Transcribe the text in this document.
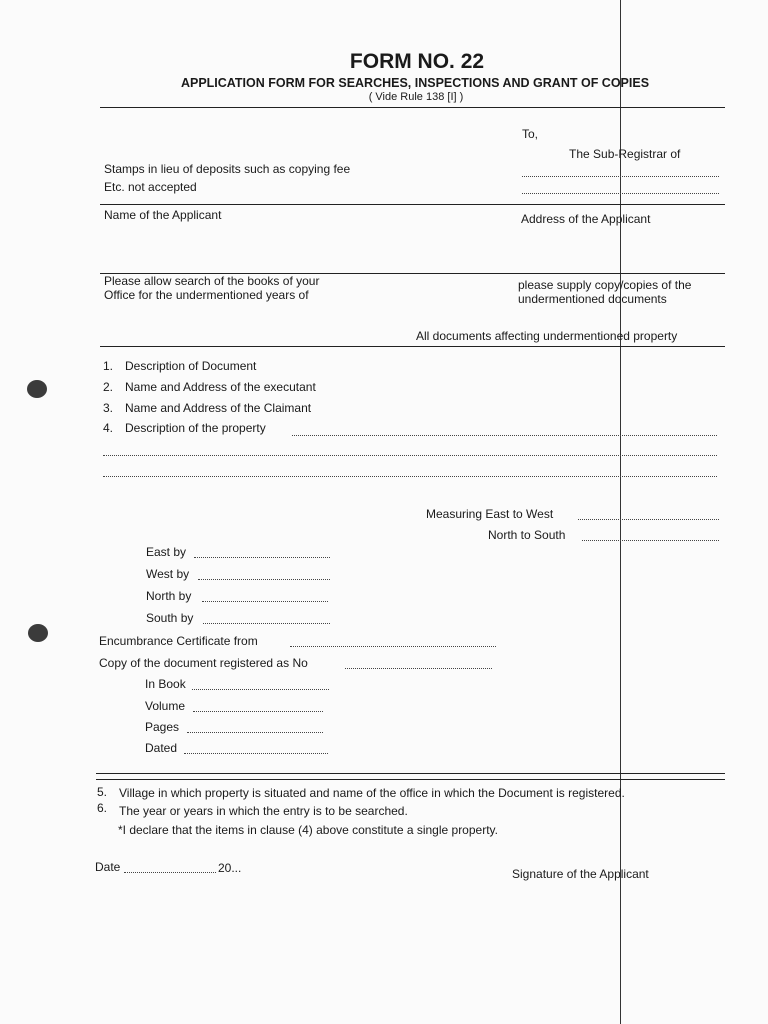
FORM NO. 22
APPLICATION FORM FOR SEARCHES, INSPECTIONS AND GRANT OF COPIES
( Vide Rule 138 [I] )
To,
The Sub-Registrar of
Stamps in lieu of deposits such as copying fee
Etc. not accepted
Name of the Applicant	Address of the Applicant
Please allow search of the books of your
Office for the undermentioned years of
please supply copy/copies of the
undermentioned documents
All documents affecting undermentioned property
1. Description of Document
2. Name and Address of the executant
3. Name and Address of the Claimant
4. Description of the property
Measuring East to West
North to South
East by
West by
North by
South by
Encumbrance Certificate from
Copy of the document registered as No
In Book
Volume
Pages
Dated
5. Village in which property is situated and name of the office in which the Document is registered.
6. The year or years in which the entry is to be searched.
*I declare that the items in clause (4) above constitute a single property.
Date	20...	Signature of the Applicant
